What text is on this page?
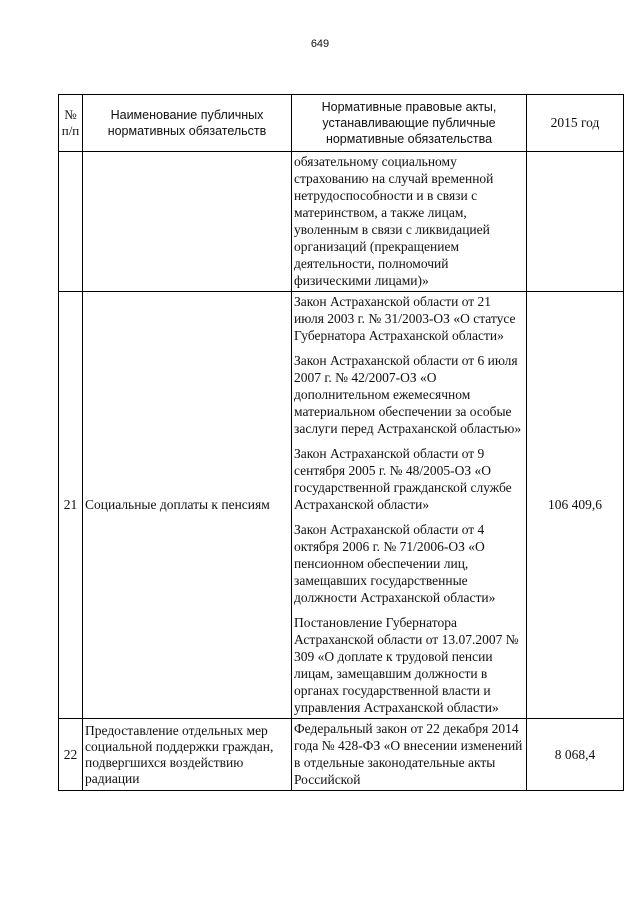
649
№ п/п	Наименование публичных нормативных обязательств	Нормативные правовые акты, устанавливающие публичные нормативные обязательства	2015 год

		обязательному социальному страхованию на случай временной нетрудоспособности и в связи с материнством, а также лицам, уволенным в связи с ликвидацией организаций (прекращением деятельности, полномочий физическими лицами)»	

21	Социальные доплаты к пенсиям	Закон Астраханской области от 21 июля 2003 г. № 31/2003-ОЗ «О статусе Губернатора Астраханской области»
Закон Астраханской области от 6 июля 2007 г. № 42/2007-ОЗ «О дополнительном ежемесячном материальном обеспечении за особые заслуги перед Астраханской областью»
Закон Астраханской области от 9 сентября 2005 г. № 48/2005-ОЗ «О государственной гражданской службе Астраханской области»
Закон Астраханской области от 4 октября 2006 г. № 71/2006-ОЗ «О пенсионном обеспечении лиц, замещавших государственные должности Астраханской области»
Постановление Губернатора Астраханской области от 13.07.2007 № 309 «О доплате к трудовой пенсии лицам, замещавшим должности в органах государственной власти и управления Астраханской области»	106 409,6
22	Предоставление отдельных мер социальной поддержки граждан, подвергшихся воздействию радиации	Федеральный закон от 22 декабря 2014 года № 428-ФЗ «О внесении изменений в отдельные законодательные акты Российской	8 068,4
